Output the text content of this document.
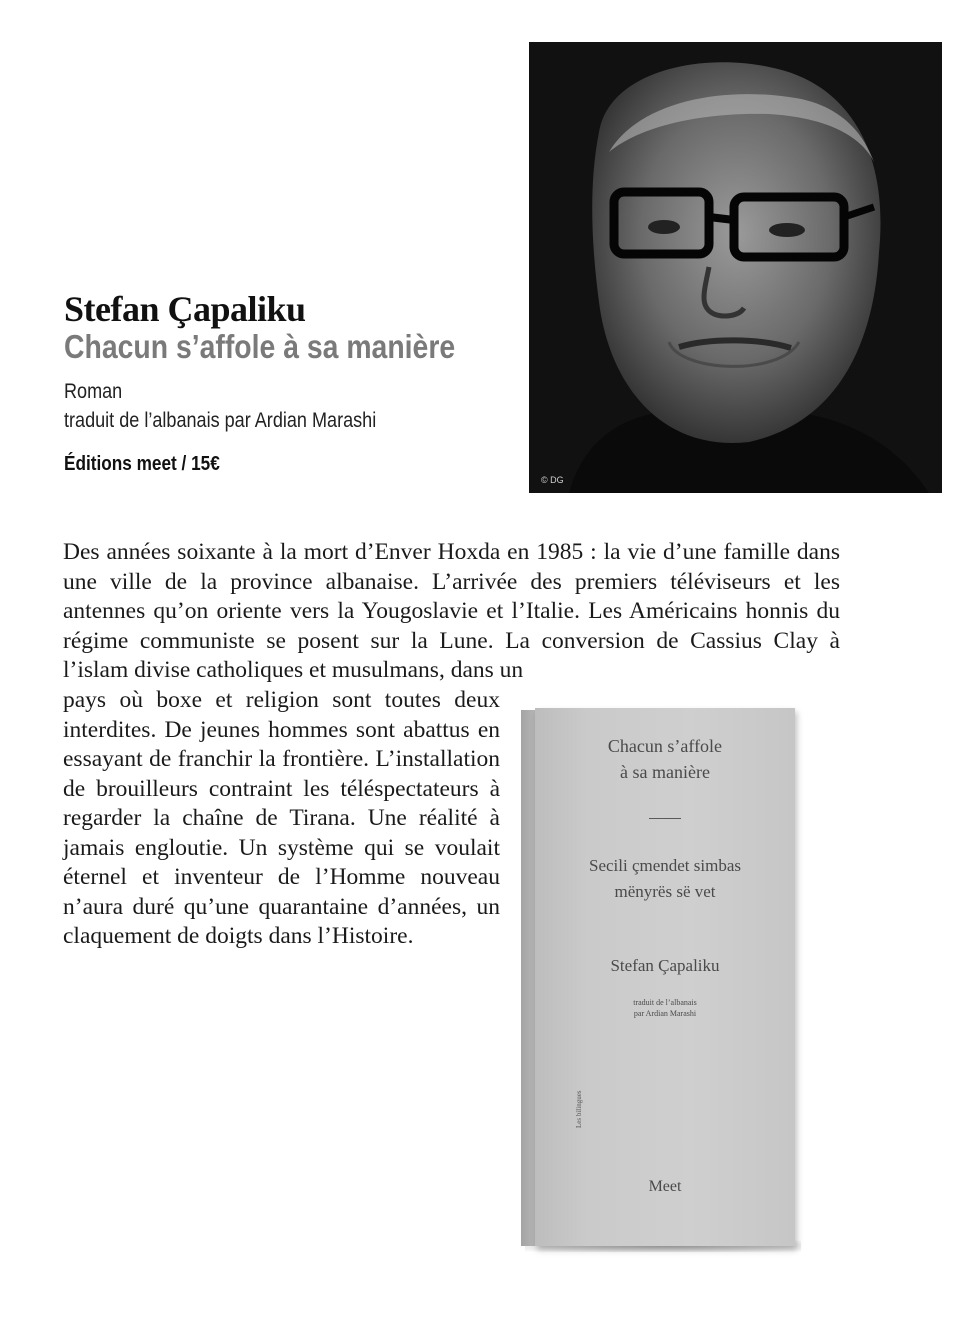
Stefan Çapaliku
Chacun s’affole à sa manière
Roman
traduit de l’albanais par Ardian Marashi
Éditions meet / 15€
© DG

Des années soixante à la mort d’Enver Hoxda en 1985 : la vie d’une famille dans une ville de la province albanaise. L’arrivée des premiers téléviseurs et les antennes qu’on oriente vers la Yougoslavie et l’Italie. Les Américains honnis du régime communiste se posent sur la Lune. La conversion de Cassius Clay à l’islam divise catholiques et musulmans, dans un

pays où boxe et religion sont toutes deux interdites. De jeunes hommes sont abattus en essayant de franchir la frontière. L’installation de brouilleurs contraint les téléspectateurs à regarder la chaîne de Tirana. Une réalité à jamais engloutie. Un système qui se voulait éternel et inventeur de l’Homme nouveau n’aura duré qu’une quarantaine d’années, un claquement de doigts dans l’Histoire.

Chacun s’affole
à sa manière
Secili çmendet simbas
mënyrës së vet
Stefan Çapaliku
traduit de l’albanais
par Ardian Marashi
Meet
Les bilingues
